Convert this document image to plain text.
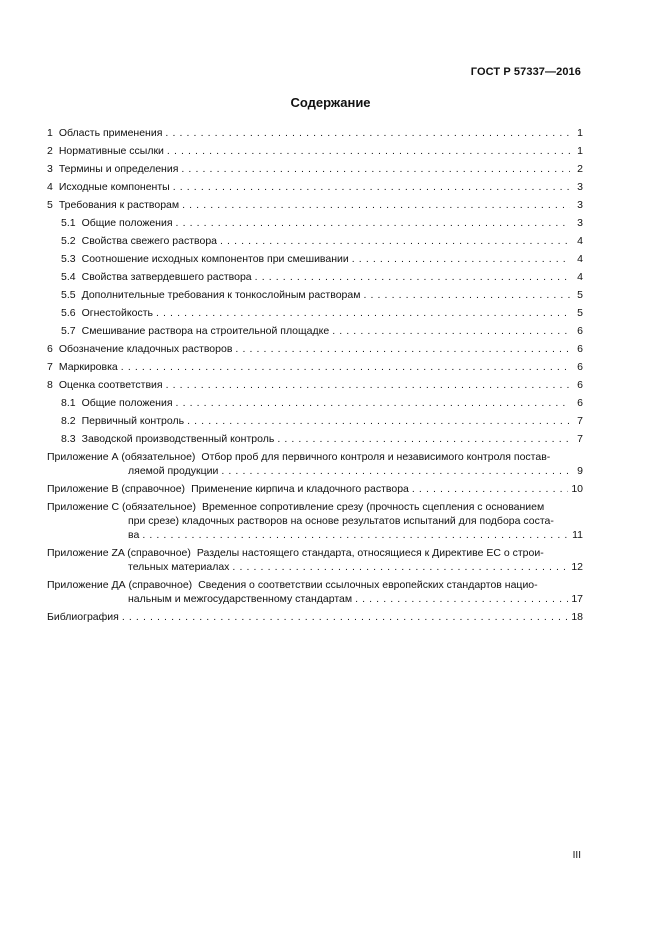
ГОСТ Р 57337—2016
Содержание
1 Область применения . . .	1
2 Нормативные ссылки . . .	1
3 Термины и определения . . .	2
4 Исходные компоненты . . .	3
5 Требования к растворам . . .	3
5.1 Общие положения . . .	3
5.2 Свойства свежего раствора . . .	4
5.3 Соотношение исходных компонентов при смешивании . . .	4
5.4 Свойства затвердевшего раствора . . .	4
5.5 Дополнительные требования к тонкослойным растворам . . .	5
5.6 Огнестойкость . . .	5
5.7 Смешивание раствора на строительной площадке . . .	6
6 Обозначение кладочных растворов . . .	6
7 Маркировка . . .	6
8 Оценка соответствия . . .	6
8.1 Общие положения . . .	6
8.2 Первичный контроль . . .	7
8.3 Заводской производственный контроль . . .	7
Приложение А (обязательное) Отбор проб для первичного контроля и независимого контроля постав-
ляемой продукции . . .	9
Приложение В (справочное) Применение кирпича и кладочного раствора . . .	10
Приложение С (обязательное) Временное сопротивление срезу (прочность сцепления с основанием
при срезе) кладочных растворов на основе результатов испытаний для подбора соста-
ва . . .	11
Приложение ZA (справочное) Разделы настоящего стандарта, относящиеся к Директиве ЕС о строи-
тельных материалах . . .	12
Приложение ДА (справочное) Сведения о соответствии ссылочных европейских стандартов нацио-
нальным и межгосударственному стандартам . . .	17
Библиография . . .	18
III
